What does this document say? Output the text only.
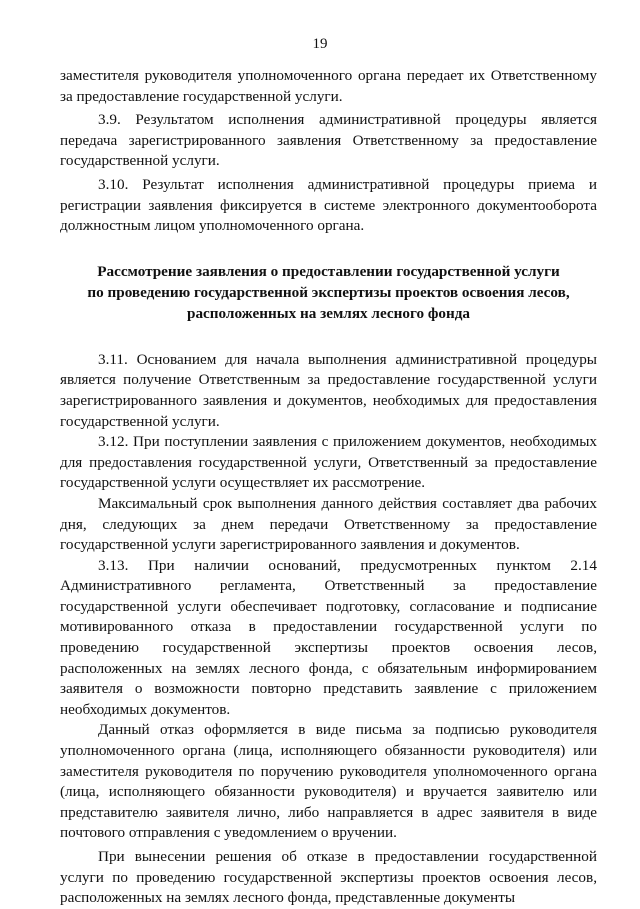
19

заместителя руководителя уполномоченного органа передает их Ответственному за предоставление государственной услуги.

3.9. Результатом исполнения административной процедуры является передача зарегистрированного заявления Ответственному за предоставление государственной услуги.

3.10. Результат исполнения административной процедуры приема и регистрации заявления фиксируется в системе электронного документооборота должностным лицом уполномоченного органа.

Рассмотрение заявления о предоставлении государственной услуги
по проведению государственной экспертизы проектов освоения лесов,
расположенных на землях лесного фонда

3.11. Основанием для начала выполнения административной процедуры является получение Ответственным за предоставление государственной услуги зарегистрированного заявления и документов, необходимых для предоставления государственной услуги.

3.12. При поступлении заявления с приложением документов, необходимых для предоставления государственной услуги, Ответственный за предоставление государственной услуги осуществляет их рассмотрение.

Максимальный срок выполнения данного действия составляет два рабочих дня, следующих за днем передачи Ответственному за предоставление государственной услуги зарегистрированного заявления и документов.

3.13. При наличии оснований, предусмотренных пунктом 2.14 Административного регламента, Ответственный за предоставление государственной услуги обеспечивает подготовку, согласование и подписание мотивированного отказа в предоставлении государственной услуги по проведению государственной экспертизы проектов освоения лесов, расположенных на землях лесного фонда, с обязательным информированием заявителя о возможности повторно представить заявление с приложением необходимых документов.

Данный отказ оформляется в виде письма за подписью руководителя уполномоченного органа (лица, исполняющего обязанности руководителя) или заместителя руководителя по поручению руководителя уполномоченного органа (лица, исполняющего обязанности руководителя) и вручается заявителю или представителю заявителя лично, либо направляется в адрес заявителя в виде почтового отправления с уведомлением о вручении.

При вынесении решения об отказе в предоставлении государственной услуги по проведению государственной экспертизы проектов освоения лесов, расположенных на землях лесного фонда, представленные документы
